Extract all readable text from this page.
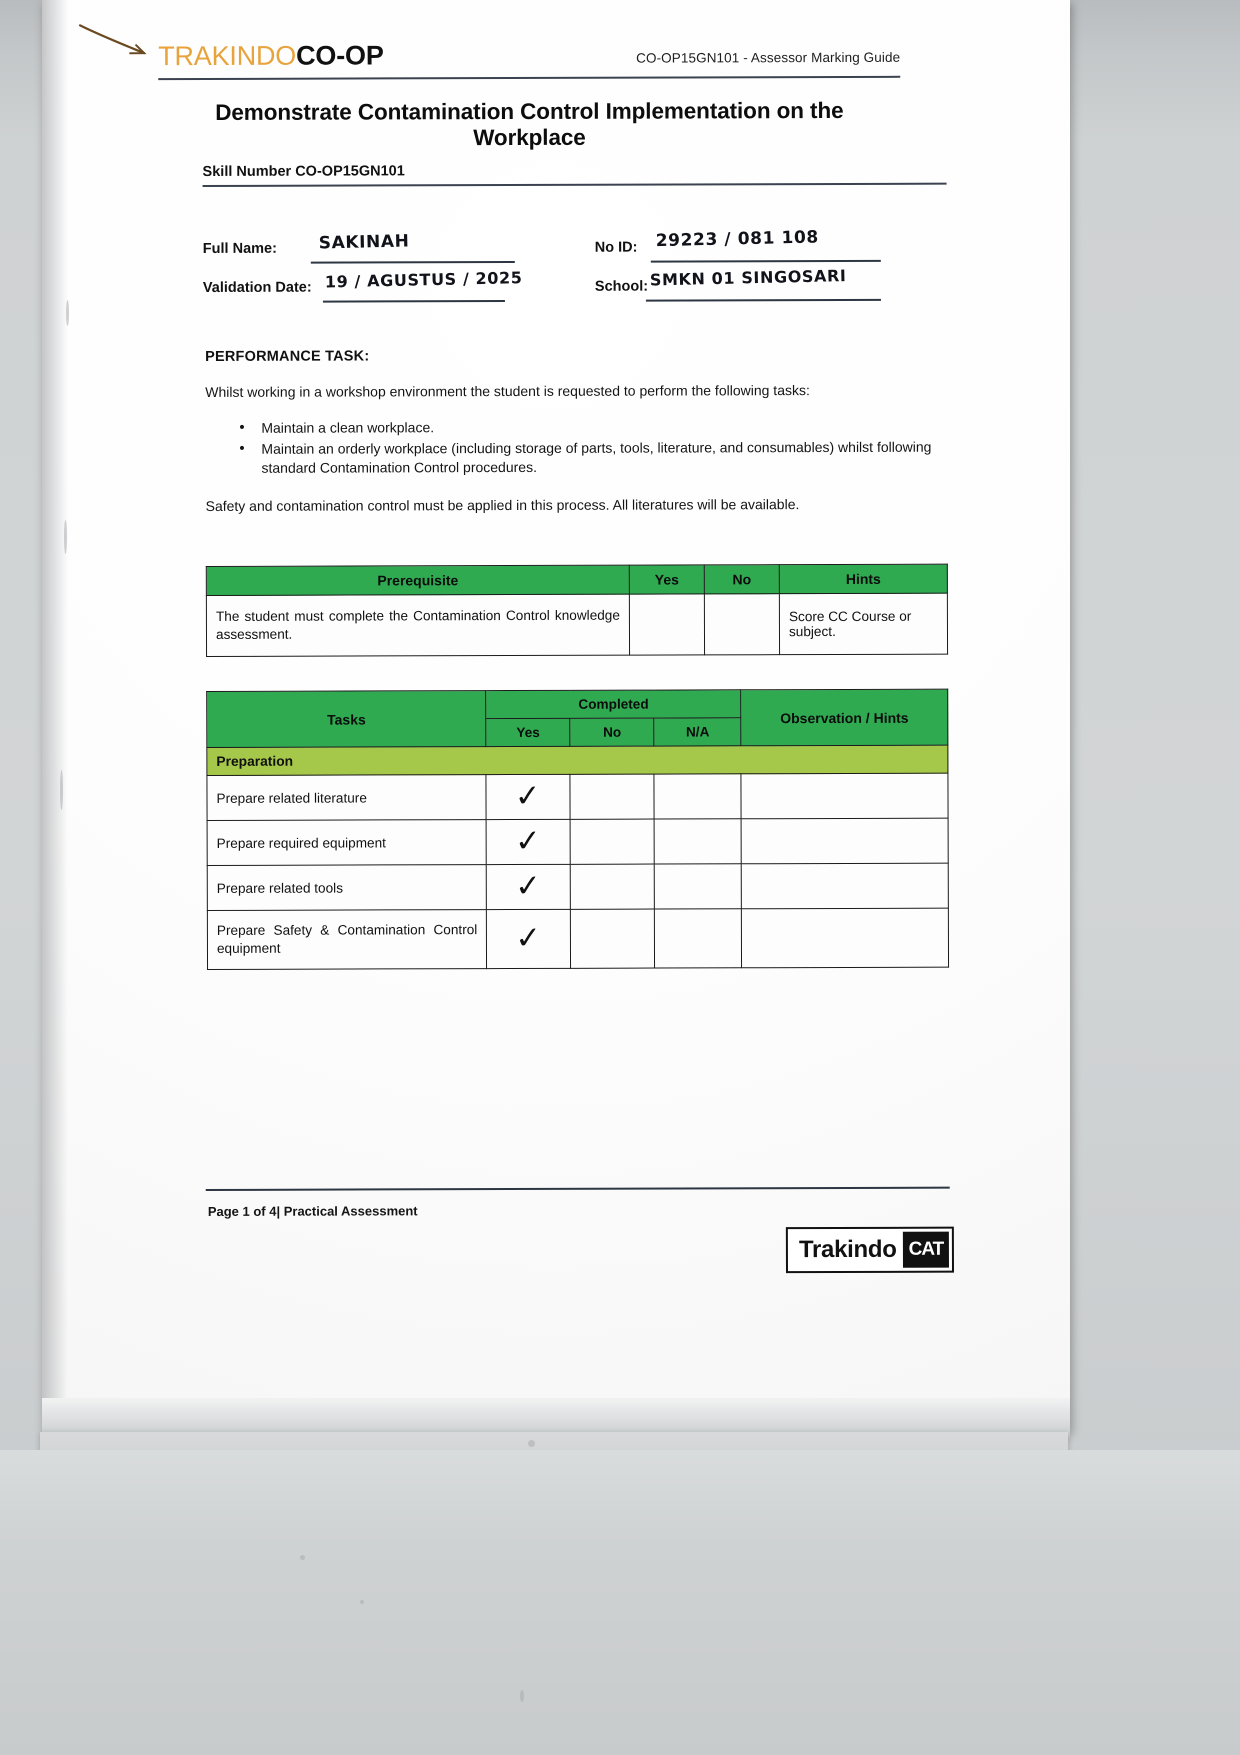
TRAKINDOCO-OP	CO-OP15GN101 - Assessor Marking Guide
Demonstrate Contamination Control Implementation on the Workplace
Skill Number CO-OP15GN101
Full Name: SAKINAH	No ID: 29223 / 081 108
Validation Date: 19 / AGUSTUS / 2025	School: SMKN 01 SINGOSARI
PERFORMANCE TASK:
Whilst working in a workshop environment the student is requested to perform the following tasks:
• Maintain a clean workplace.
• Maintain an orderly workplace (including storage of parts, tools, literature, and consumables) whilst following standard Contamination Control procedures.
Safety and contamination control must be applied in this process. All literatures will be available.
Prerequisite	Yes	No	Hints
The student must complete the Contamination Control knowledge assessment.			Score CC Course or subject.
Tasks	Completed			Observation / Hints
	Yes	No	N/A	
Preparation				
Prepare related literature	✓			

Prepare required equipment	✓			

Prepare related tools	✓			

Prepare Safety & Contamination Control equipment	✓			

Page 1 of 4| Practical Assessment
Trakindo CAT
